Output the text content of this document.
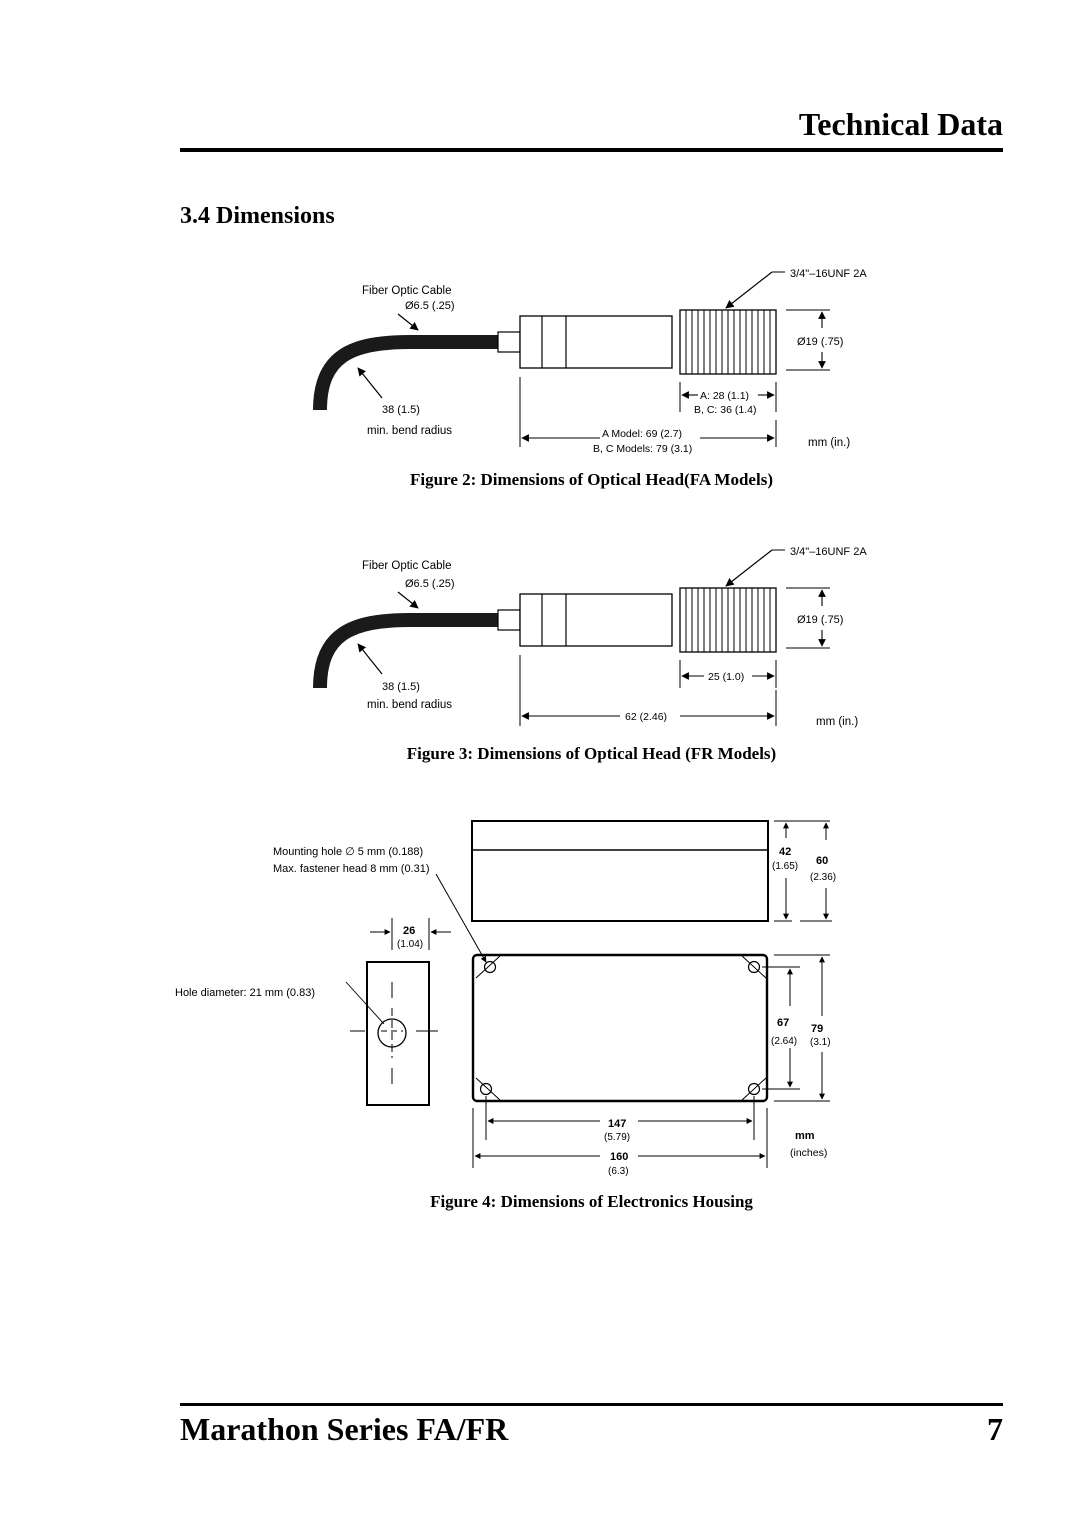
Technical Data
3.4 Dimensions
Fiber Optic Cable
Ø6.5 (.25)
3/4"–16UNF 2A
Ø19 (.75)
38 (1.5)
min. bend radius
A: 28 (1.1)
B, C: 36 (1.4)
A Model: 69 (2.7)
B, C Models: 79 (3.1)	mm (in.)
Figure 2: Dimensions of Optical Head(FA Models)
Fiber Optic Cable
Ø6.5 (.25)
3/4"–16UNF 2A
Ø19 (.75)
38 (1.5)
min. bend radius
25 (1.0)
62 (2.46)	mm (in.)
Figure 3: Dimensions of Optical Head (FR Models)
26
(1.04)
Mounting hole ∅ 5 mm (0.188)
Max. fastener head 8 mm (0.31)
Hole diameter: 21 mm (0.83)
42
(1.65) 60
(2.36)
67
(2.64)
79
(3.1)
147
(5.79)
160
(6.3)
mm
(inches)
Figure 4: Dimensions of Electronics Housing
Marathon Series FA/FR	7
